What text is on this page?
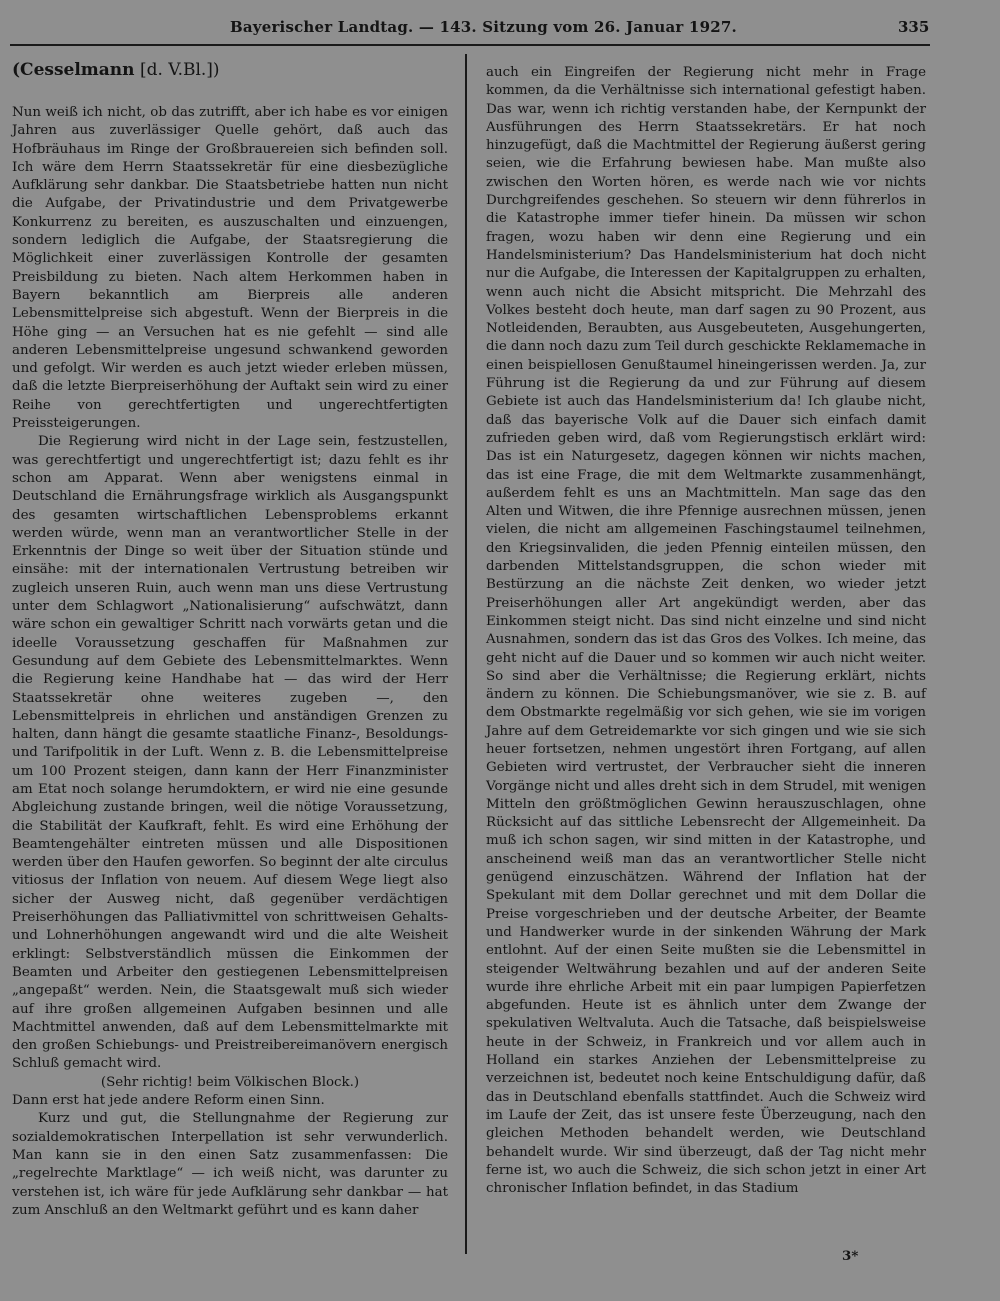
Bayerischer Landtag. — 143. Sitzung vom 26. Januar 1927.	335
(Cesselmann [d. V.Bl.])

Nun weiß ich nicht, ob das zutrifft, aber ich habe es vor einigen Jahren aus zuverlässiger Quelle gehört, daß auch das Hofbräuhaus im Ringe der Großbrauereien sich befinden soll. Ich wäre dem Herrn Staatssekretär für eine diesbezügliche Aufklärung sehr dankbar. Die Staatsbetriebe hatten nun nicht die Aufgabe, der Privatindustrie und dem Privatgewerbe Konkurrenz zu bereiten, es auszuschalten und einzuengen, sondern lediglich die Aufgabe, der Staatsregierung die Möglichkeit einer zuverlässigen Kontrolle der gesamten Preisbildung zu bieten. Nach altem Herkommen haben in Bayern bekanntlich am Bierpreis alle anderen Lebensmittelpreise sich abgestuft. Wenn der Bierpreis in die Höhe ging — an Versuchen hat es nie gefehlt — sind alle anderen Lebensmittelpreise ungesund schwankend geworden und gefolgt. Wir werden es auch jetzt wieder erleben müssen, daß die letzte Bierpreiserhöhung der Auftakt sein wird zu einer Reihe von gerechtfertigten und ungerechtfertigten Preissteigerungen.

Die Regierung wird nicht in der Lage sein, festzustellen, was gerechtfertigt und ungerechtfertigt ist; dazu fehlt es ihr schon am Apparat. Wenn aber wenigstens einmal in Deutschland die Ernährungsfrage wirklich als Ausgangspunkt des gesamten wirtschaftlichen Lebensproblems erkannt werden würde, wenn man an verantwortlicher Stelle in der Erkenntnis der Dinge so weit über der Situation stünde und einsähe: mit der internationalen Vertrustung betreiben wir zugleich unseren Ruin, auch wenn man uns diese Vertrustung unter dem Schlagwort „Nationalisierung“ aufschwätzt, dann wäre schon ein gewaltiger Schritt nach vorwärts getan und die ideelle Voraussetzung geschaffen für Maßnahmen zur Gesundung auf dem Gebiete des Lebensmittelmarktes. Wenn die Regierung keine Handhabe hat — das wird der Herr Staatssekretär ohne weiteres zugeben —, den Lebensmittelpreis in ehrlichen und anständigen Grenzen zu halten, dann hängt die gesamte staatliche Finanz-, Besoldungs- und Tarifpolitik in der Luft. Wenn z. B. die Lebensmittelpreise um 100 Prozent steigen, dann kann der Herr Finanzminister am Etat noch solange herumdoktern, er wird nie eine gesunde Abgleichung zustande bringen, weil die nötige Voraussetzung, die Stabilität der Kaufkraft, fehlt. Es wird eine Erhöhung der Beamtengehälter eintreten müssen und alle Dispositionen werden über den Haufen geworfen. So beginnt der alte circulus vitiosus der Inflation von neuem. Auf diesem Wege liegt also sicher der Ausweg nicht, daß gegenüber verdächtigen Preiserhöhungen das Palliativmittel von schrittweisen Gehalts- und Lohnerhöhungen angewandt wird und die alte Weisheit erklingt: Selbstverständlich müssen die Einkommen der Beamten und Arbeiter den gestiegenen Lebensmittelpreisen „angepaßt“ werden. Nein, die Staatsgewalt muß sich wieder auf ihre großen allgemeinen Aufgaben besinnen und alle Machtmittel anwenden, daß auf dem Lebensmittelmarkte mit den großen Schiebungs- und Preistreibereimanövern energisch Schluß gemacht wird.

(Sehr richtig! beim Völkischen Block.)

Dann erst hat jede andere Reform einen Sinn.

Kurz und gut, die Stellungnahme der Regierung zur sozialdemokratischen Interpellation ist sehr verwunderlich. Man kann sie in den einen Satz zusammenfassen: Die „regelrechte Marktlage“ — ich weiß nicht, was darunter zu verstehen ist, ich wäre für jede Aufklärung sehr dankbar — hat zum Anschluß an den Weltmarkt geführt und es kann daher

auch ein Eingreifen der Regierung nicht mehr in Frage kommen, da die Verhältnisse sich international gefestigt haben. Das war, wenn ich richtig verstanden habe, der Kernpunkt der Ausführungen des Herrn Staatssekretärs. Er hat noch hinzugefügt, daß die Machtmittel der Regierung äußerst gering seien, wie die Erfahrung bewiesen habe. Man mußte also zwischen den Worten hören, es werde nach wie vor nichts Durchgreifendes geschehen. So steuern wir denn führerlos in die Katastrophe immer tiefer hinein. Da müssen wir schon fragen, wozu haben wir denn eine Regierung und ein Handelsministerium? Das Handelsministerium hat doch nicht nur die Aufgabe, die Interessen der Kapitalgruppen zu erhalten, wenn auch nicht die Absicht mitspricht. Die Mehrzahl des Volkes besteht doch heute, man darf sagen zu 90 Prozent, aus Notleidenden, Beraubten, aus Ausgebeuteten, Ausgehungerten, die dann noch dazu zum Teil durch geschickte Reklamemache in einen beispiellosen Genußtaumel hineingerissen werden. Ja, zur Führung ist die Regierung da und zur Führung auf diesem Gebiete ist auch das Handelsministerium da! Ich glaube nicht, daß das bayerische Volk auf die Dauer sich einfach damit zufrieden geben wird, daß vom Regierungstisch erklärt wird: Das ist ein Naturgesetz, dagegen können wir nichts machen, das ist eine Frage, die mit dem Weltmarkte zusammenhängt, außerdem fehlt es uns an Machtmitteln. Man sage das den Alten und Witwen, die ihre Pfennige ausrechnen müssen, jenen vielen, die nicht am allgemeinen Faschingstaumel teilnehmen, den Kriegsinvaliden, die jeden Pfennig einteilen müssen, den darbenden Mittelstandsgruppen, die schon wieder mit Bestürzung an die nächste Zeit denken, wo wieder jetzt Preiserhöhungen aller Art angekündigt werden, aber das Einkommen steigt nicht. Das sind nicht einzelne und sind nicht Ausnahmen, sondern das ist das Gros des Volkes. Ich meine, das geht nicht auf die Dauer und so kommen wir auch nicht weiter. So sind aber die Verhältnisse; die Regierung erklärt, nichts ändern zu können. Die Schiebungsmanöver, wie sie z. B. auf dem Obstmarkte regelmäßig vor sich gehen, wie sie im vorigen Jahre auf dem Getreidemarkte vor sich gingen und wie sie sich heuer fortsetzen, nehmen ungestört ihren Fortgang, auf allen Gebieten wird vertrustet, der Verbraucher sieht die inneren Vorgänge nicht und alles dreht sich in dem Strudel, mit wenigen Mitteln den größtmöglichen Gewinn herauszuschlagen, ohne Rücksicht auf das sittliche Lebensrecht der Allgemeinheit. Da muß ich schon sagen, wir sind mitten in der Katastrophe, und anscheinend weiß man das an verantwortlicher Stelle nicht genügend einzuschätzen. Während der Inflation hat der Spekulant mit dem Dollar gerechnet und mit dem Dollar die Preise vorgeschrieben und der deutsche Arbeiter, der Beamte und Handwerker wurde in der sinkenden Währung der Mark entlohnt. Auf der einen Seite mußten sie die Lebensmittel in steigender Weltwährung bezahlen und auf der anderen Seite wurde ihre ehrliche Arbeit mit ein paar lumpigen Papierfetzen abgefunden. Heute ist es ähnlich unter dem Zwange der spekulativen Weltvaluta. Auch die Tatsache, daß beispielsweise heute in der Schweiz, in Frankreich und vor allem auch in Holland ein starkes Anziehen der Lebensmittelpreise zu verzeichnen ist, bedeutet noch keine Entschuldigung dafür, daß das in Deutschland ebenfalls stattfindet. Auch die Schweiz wird im Laufe der Zeit, das ist unsere feste Überzeugung, nach den gleichen Methoden behandelt werden, wie Deutschland behandelt wurde. Wir sind überzeugt, daß der Tag nicht mehr ferne ist, wo auch die Schweiz, die sich schon jetzt in einer Art chronischer Inflation befindet, in das Stadium

3*
